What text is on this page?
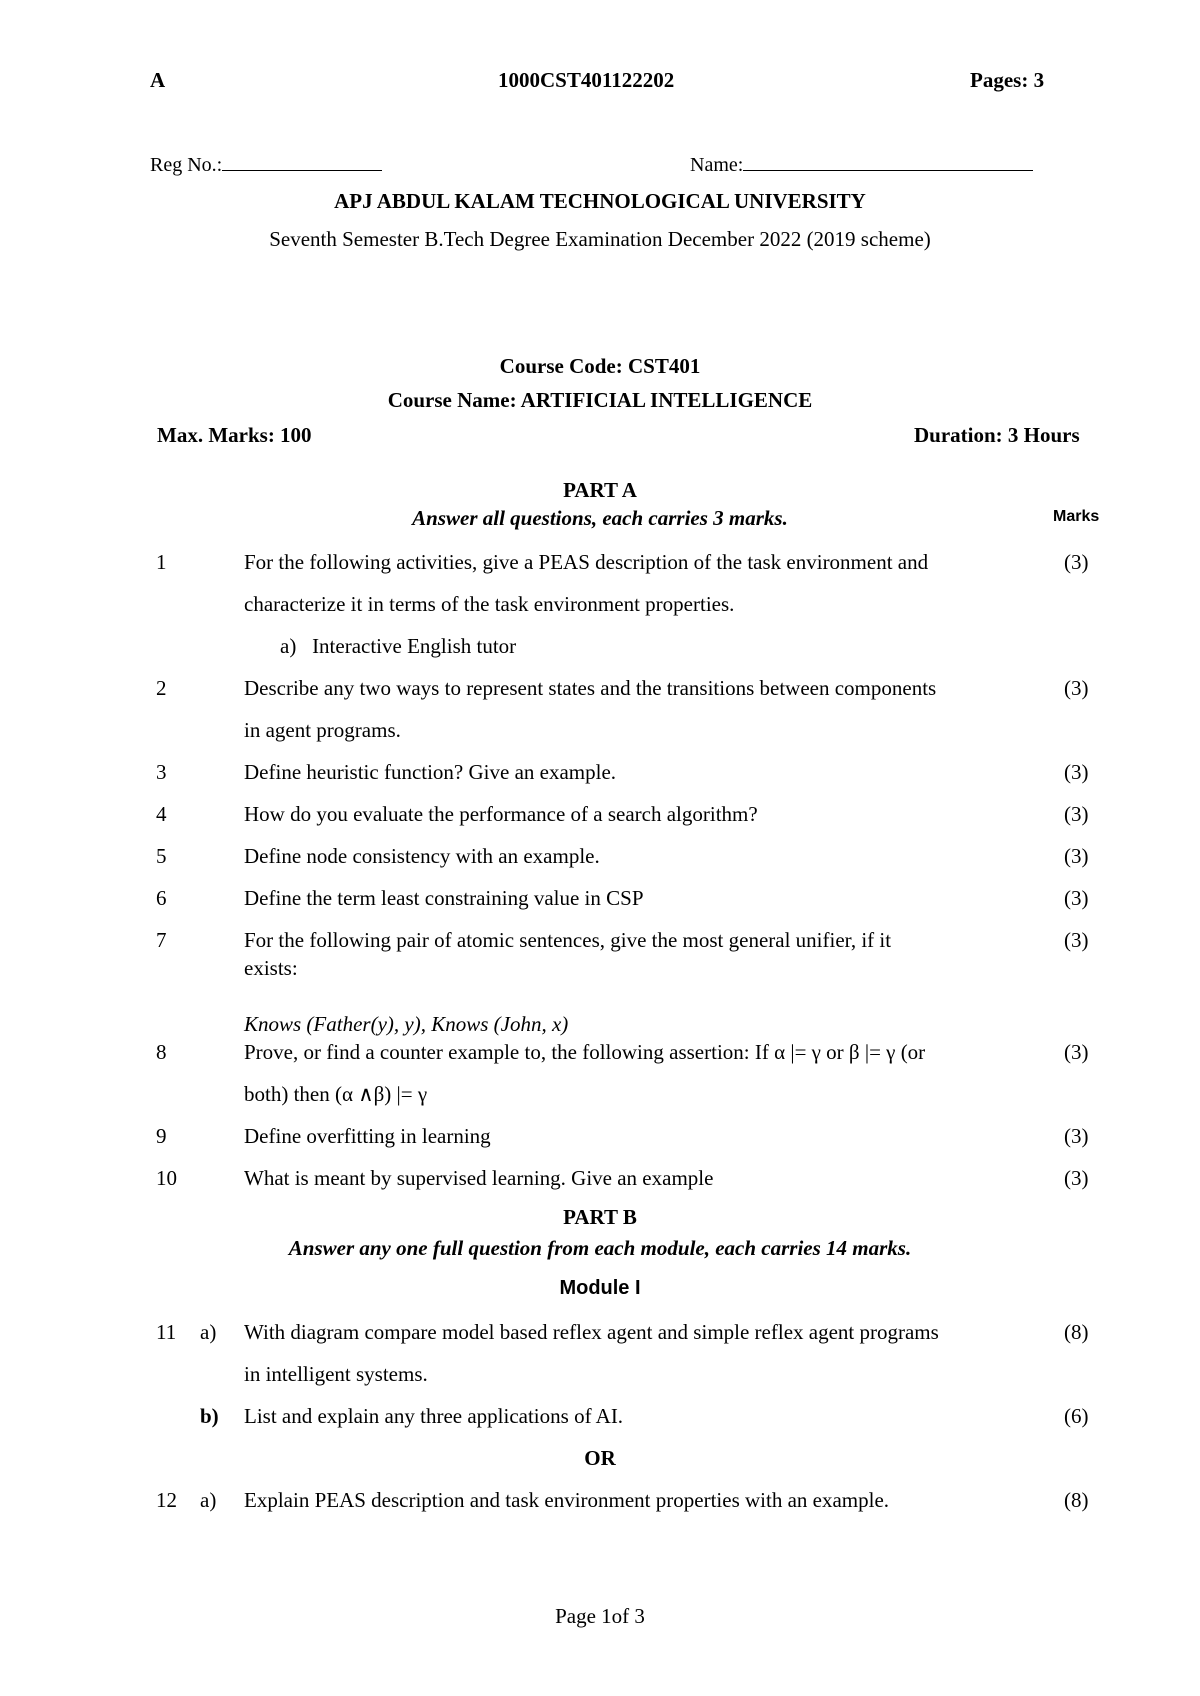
A	1000CST401122202	Pages: 3
Reg No.:	Name:
APJ ABDUL KALAM TECHNOLOGICAL UNIVERSITY
Seventh Semester B.Tech Degree Examination December 2022 (2019 scheme)
Course Code: CST401
Course Name: ARTIFICIAL INTELLIGENCE
Max. Marks: 100	Duration: 3 Hours
PART A
Answer all questions, each carries 3 marks.	Marks
1	For the following activities, give a PEAS description of the task environment and
characterize it in terms of the task environment properties.
a)   Interactive English tutor
(3)
2	Describe any two ways to represent states and the transitions between components
in agent programs.
(3)
3	Define heuristic function? Give an example.	(3)
4	How do you evaluate the performance of a search algorithm?	(3)
5	Define node consistency with an example.	(3)
6	Define the term least constraining value in CSP	(3)
7	For the following pair of atomic sentences, give the most general unifier, if it
exists:
Knows (Father(y), y), Knows (John, x)
(3)
8	Prove, or find a counter example to, the following assertion: If α |= γ or β |= γ (or
both) then (α ∧β) |= γ
(3)
9	Define overfitting in learning	(3)
10	What is meant by supervised learning. Give an example	(3)
PART B
Answer any one full question from each module, each carries 14 marks.
Module I
11 a) With diagram compare model based reflex agent and simple reflex agent programs
in intelligent systems.
(8)
b) List and explain any three applications of AI.	(6)
OR
12 a) Explain PEAS description and task environment properties with an example.	(8)
Page 1of 3
